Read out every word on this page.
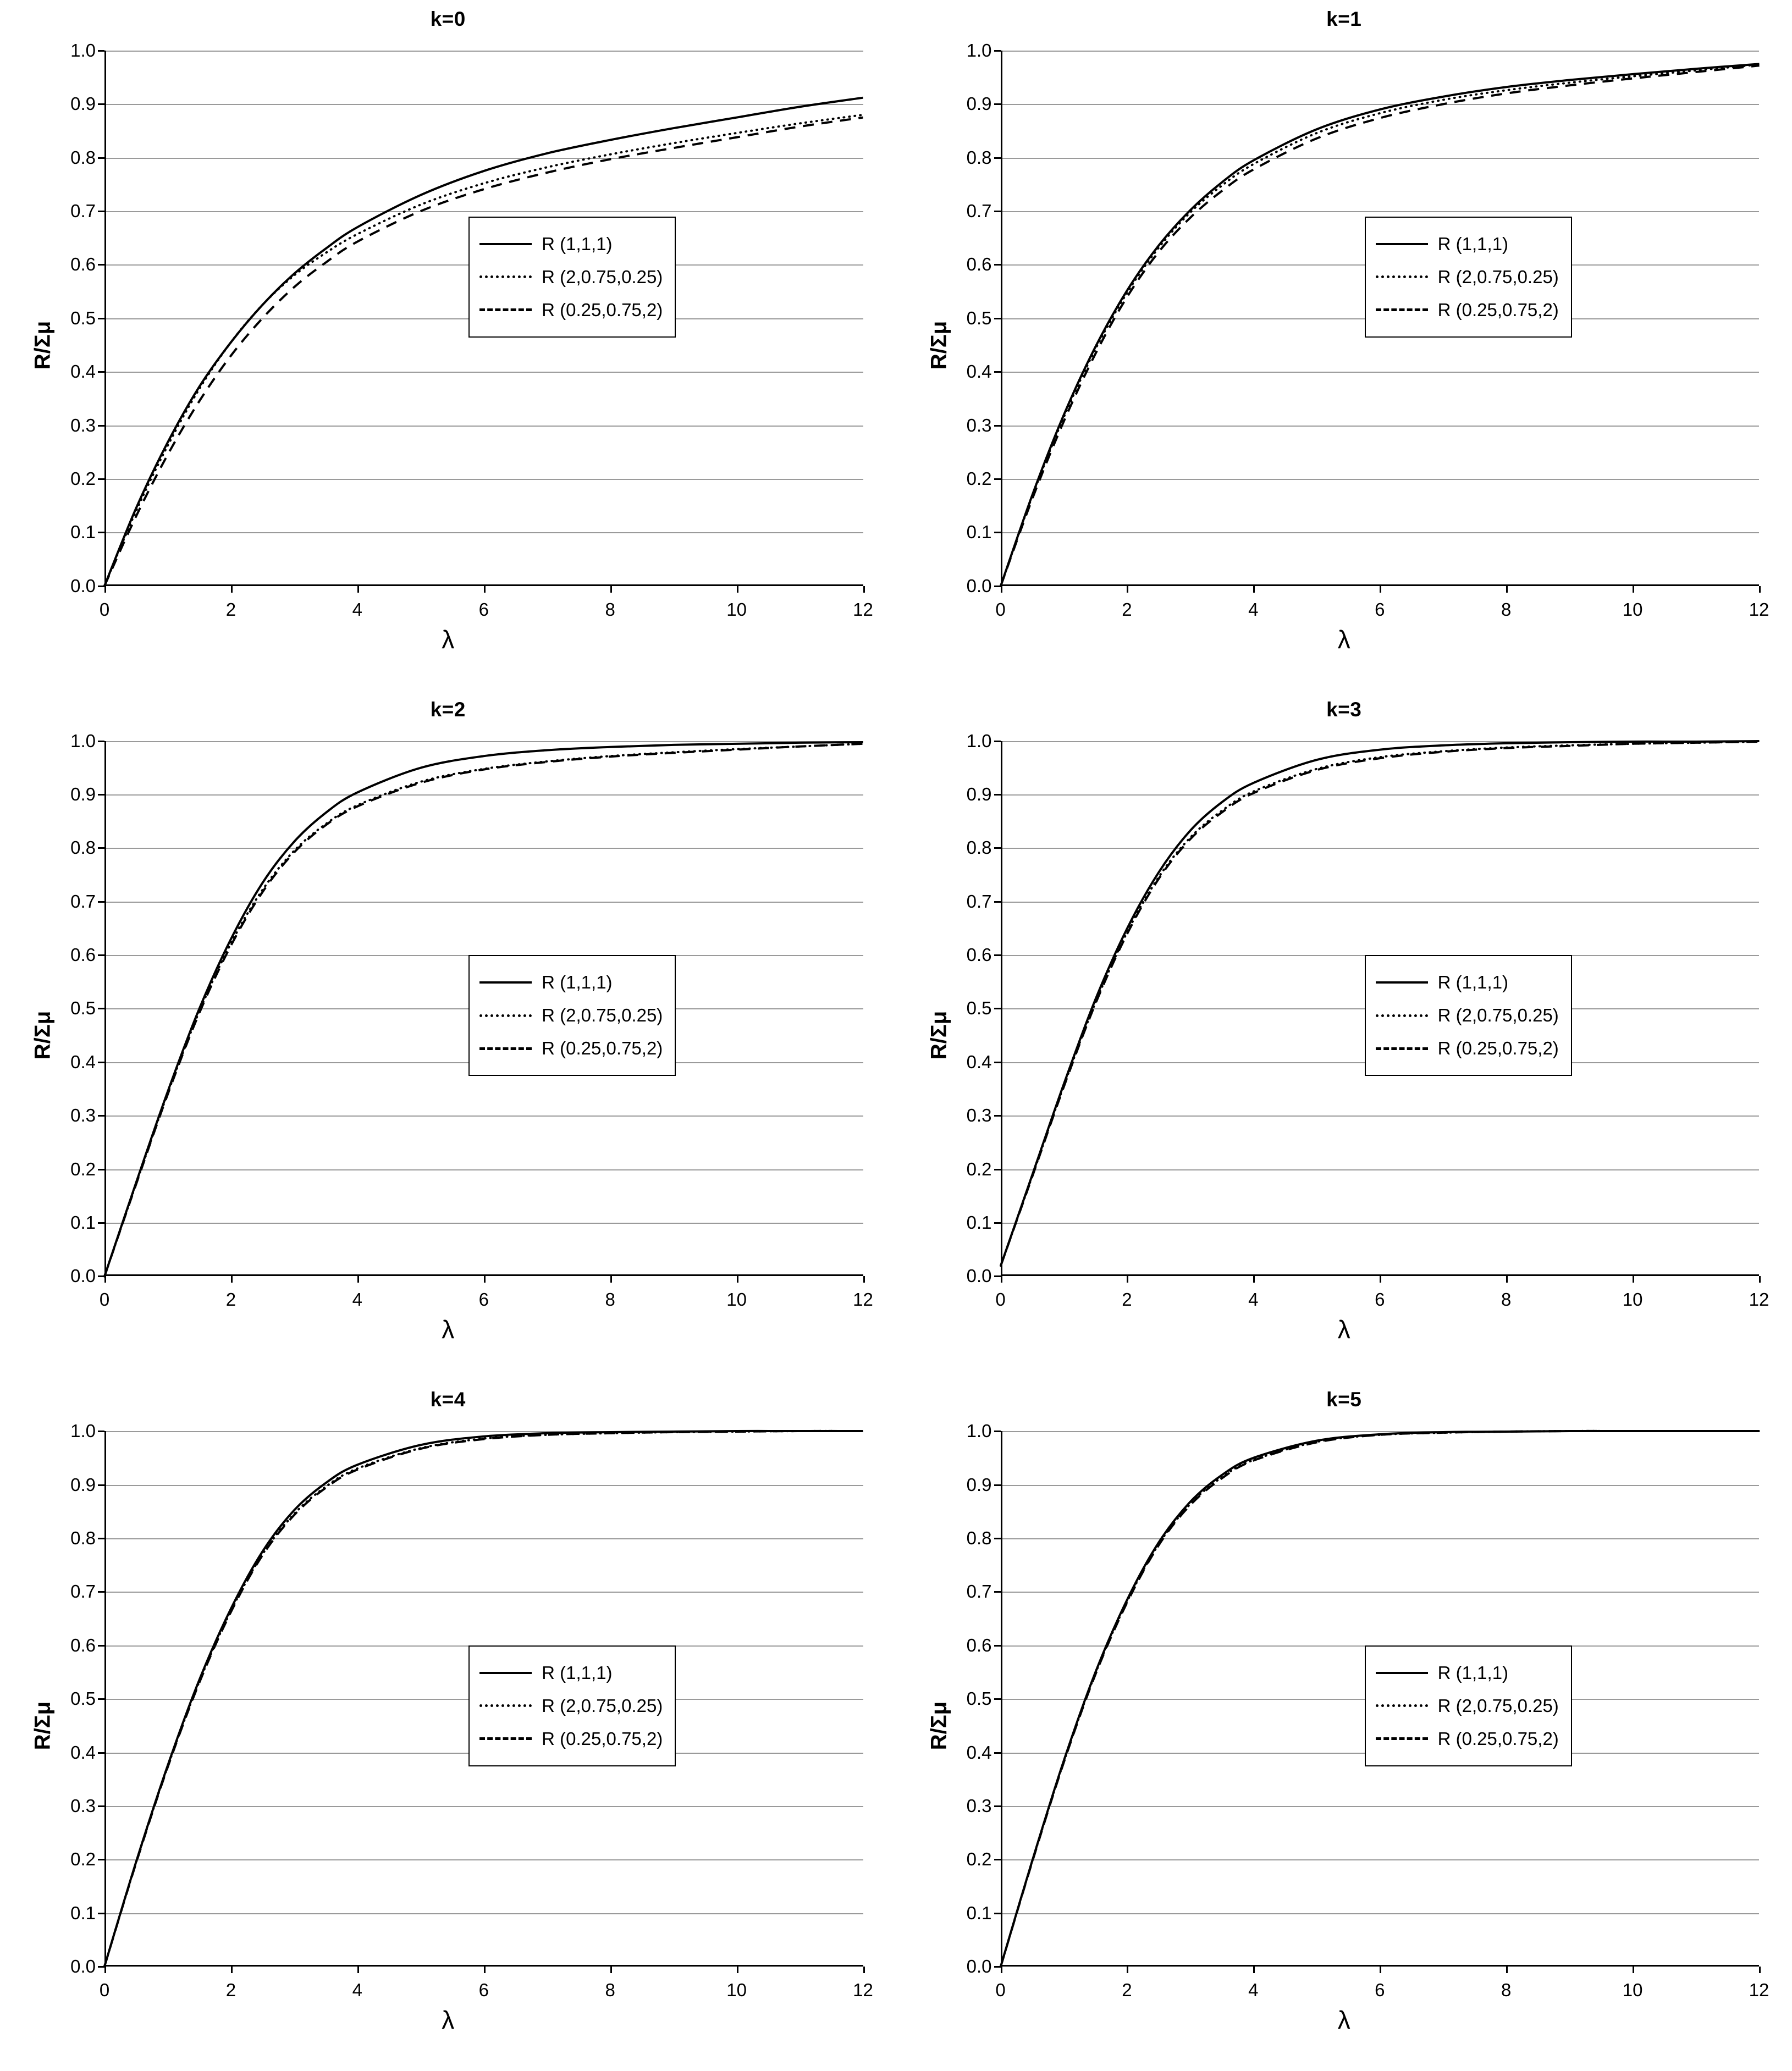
k=0
R/Σμ
λ
0.0
0.1
0.2
0.3
0.4
0.5
0.6
0.7
0.8
0.9
1.0
0	2	4	6	8	10	12
R (1,1,1)
R (2,0.75,0.25)
R (0.25,0.75,2)
k=1
R/Σμ
λ
0.0
0.1
0.2
0.3
0.4
0.5
0.6
0.7
0.8
0.9
1.0
0	2	4	6	8	10	12
R (1,1,1)
R (2,0.75,0.25)
R (0.25,0.75,2)
k=2
R/Σμ
λ
0.0
0.1
0.2
0.3
0.4
0.5
0.6
0.7
0.8
0.9
1.0
0	2	4	6	8	10	12
R (1,1,1)
R (2,0.75,0.25)
R (0.25,0.75,2)
k=3
R/Σμ
λ
0.0
0.1
0.2
0.3
0.4
0.5
0.6
0.7
0.8
0.9
1.0
0	2	4	6	8	10	12
R (1,1,1)
R (2,0.75,0.25)
R (0.25,0.75,2)
k=4
R/Σμ
λ
0.0
0.1
0.2
0.3
0.4
0.5
0.6
0.7
0.8
0.9
1.0
0	2	4	6	8	10	12
R (1,1,1)
R (2,0.75,0.25)
R (0.25,0.75,2)
k=5
R/Σμ
λ
0.0
0.1
0.2
0.3
0.4
0.5
0.6
0.7
0.8
0.9
1.0
0	2	4	6	8	10	12
R (1,1,1)
R (2,0.75,0.25)
R (0.25,0.75,2)
